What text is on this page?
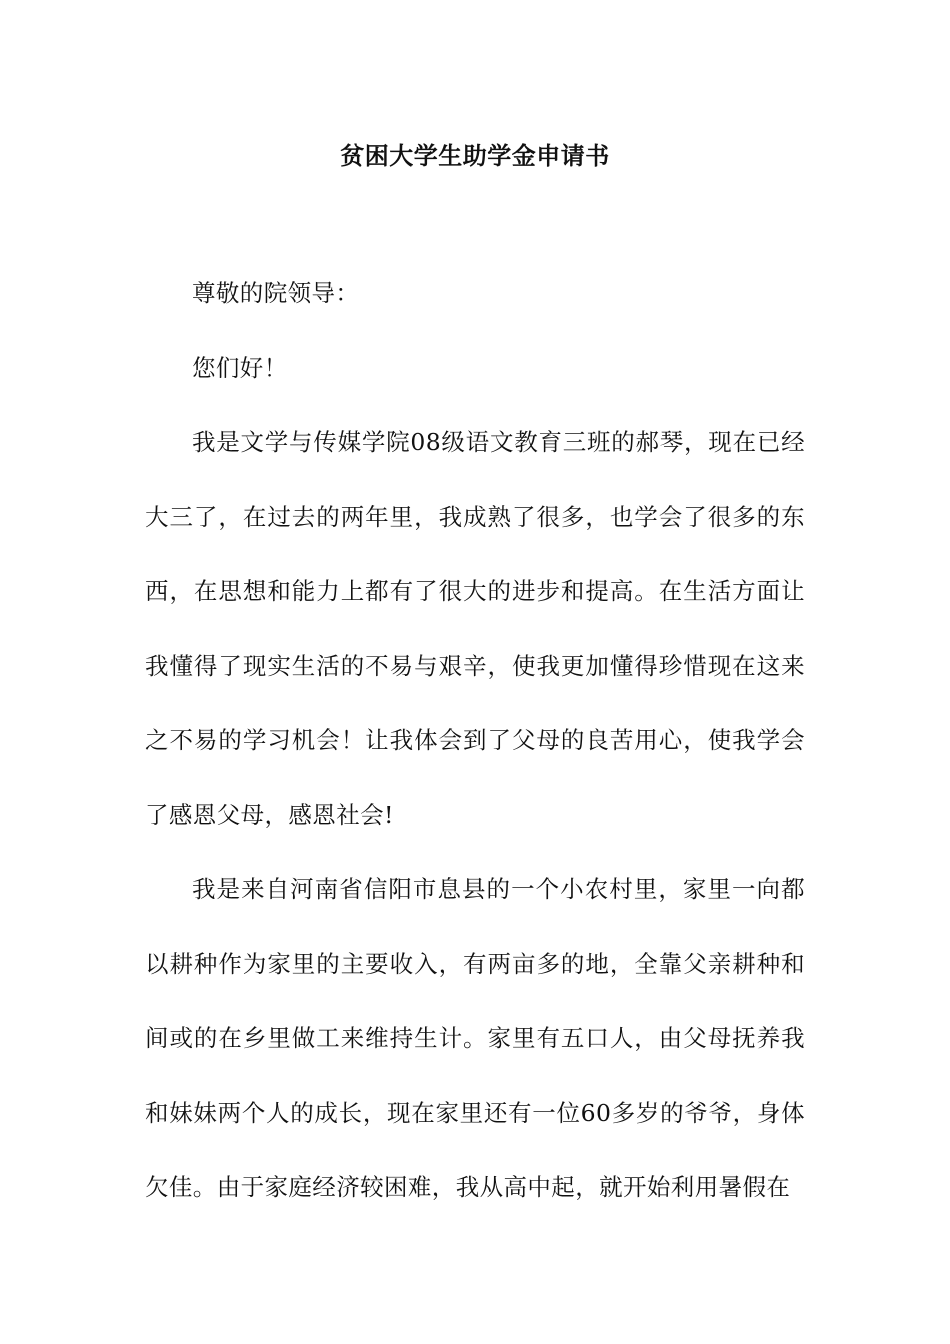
贫困大学生助学金申请书

尊敬的院领导：

您们好！

我是文学与传媒学院08级语文教育三班的郝琴，现在已经大三了，在过去的两年里，我成熟了很多，也学会了很多的东西，在思想和能力上都有了很大的进步和提高。在生活方面让我懂得了现实生活的不易与艰辛，使我更加懂得珍惜现在这来之不易的学习机会！让我体会到了父母的良苦用心，使我学会了感恩父母，感恩社会!

我是来自河南省信阳市息县的一个小农村里，家里一向都以耕种作为家里的主要收入，有两亩多的地，全靠父亲耕种和间或的在乡里做工来维持生计。家里有五口人，由父母抚养我和妹妹两个人的成长，现在家里还有一位60多岁的爷爷，身体欠佳。由于家庭经济较困难，我从高中起，就开始利用暑假在
